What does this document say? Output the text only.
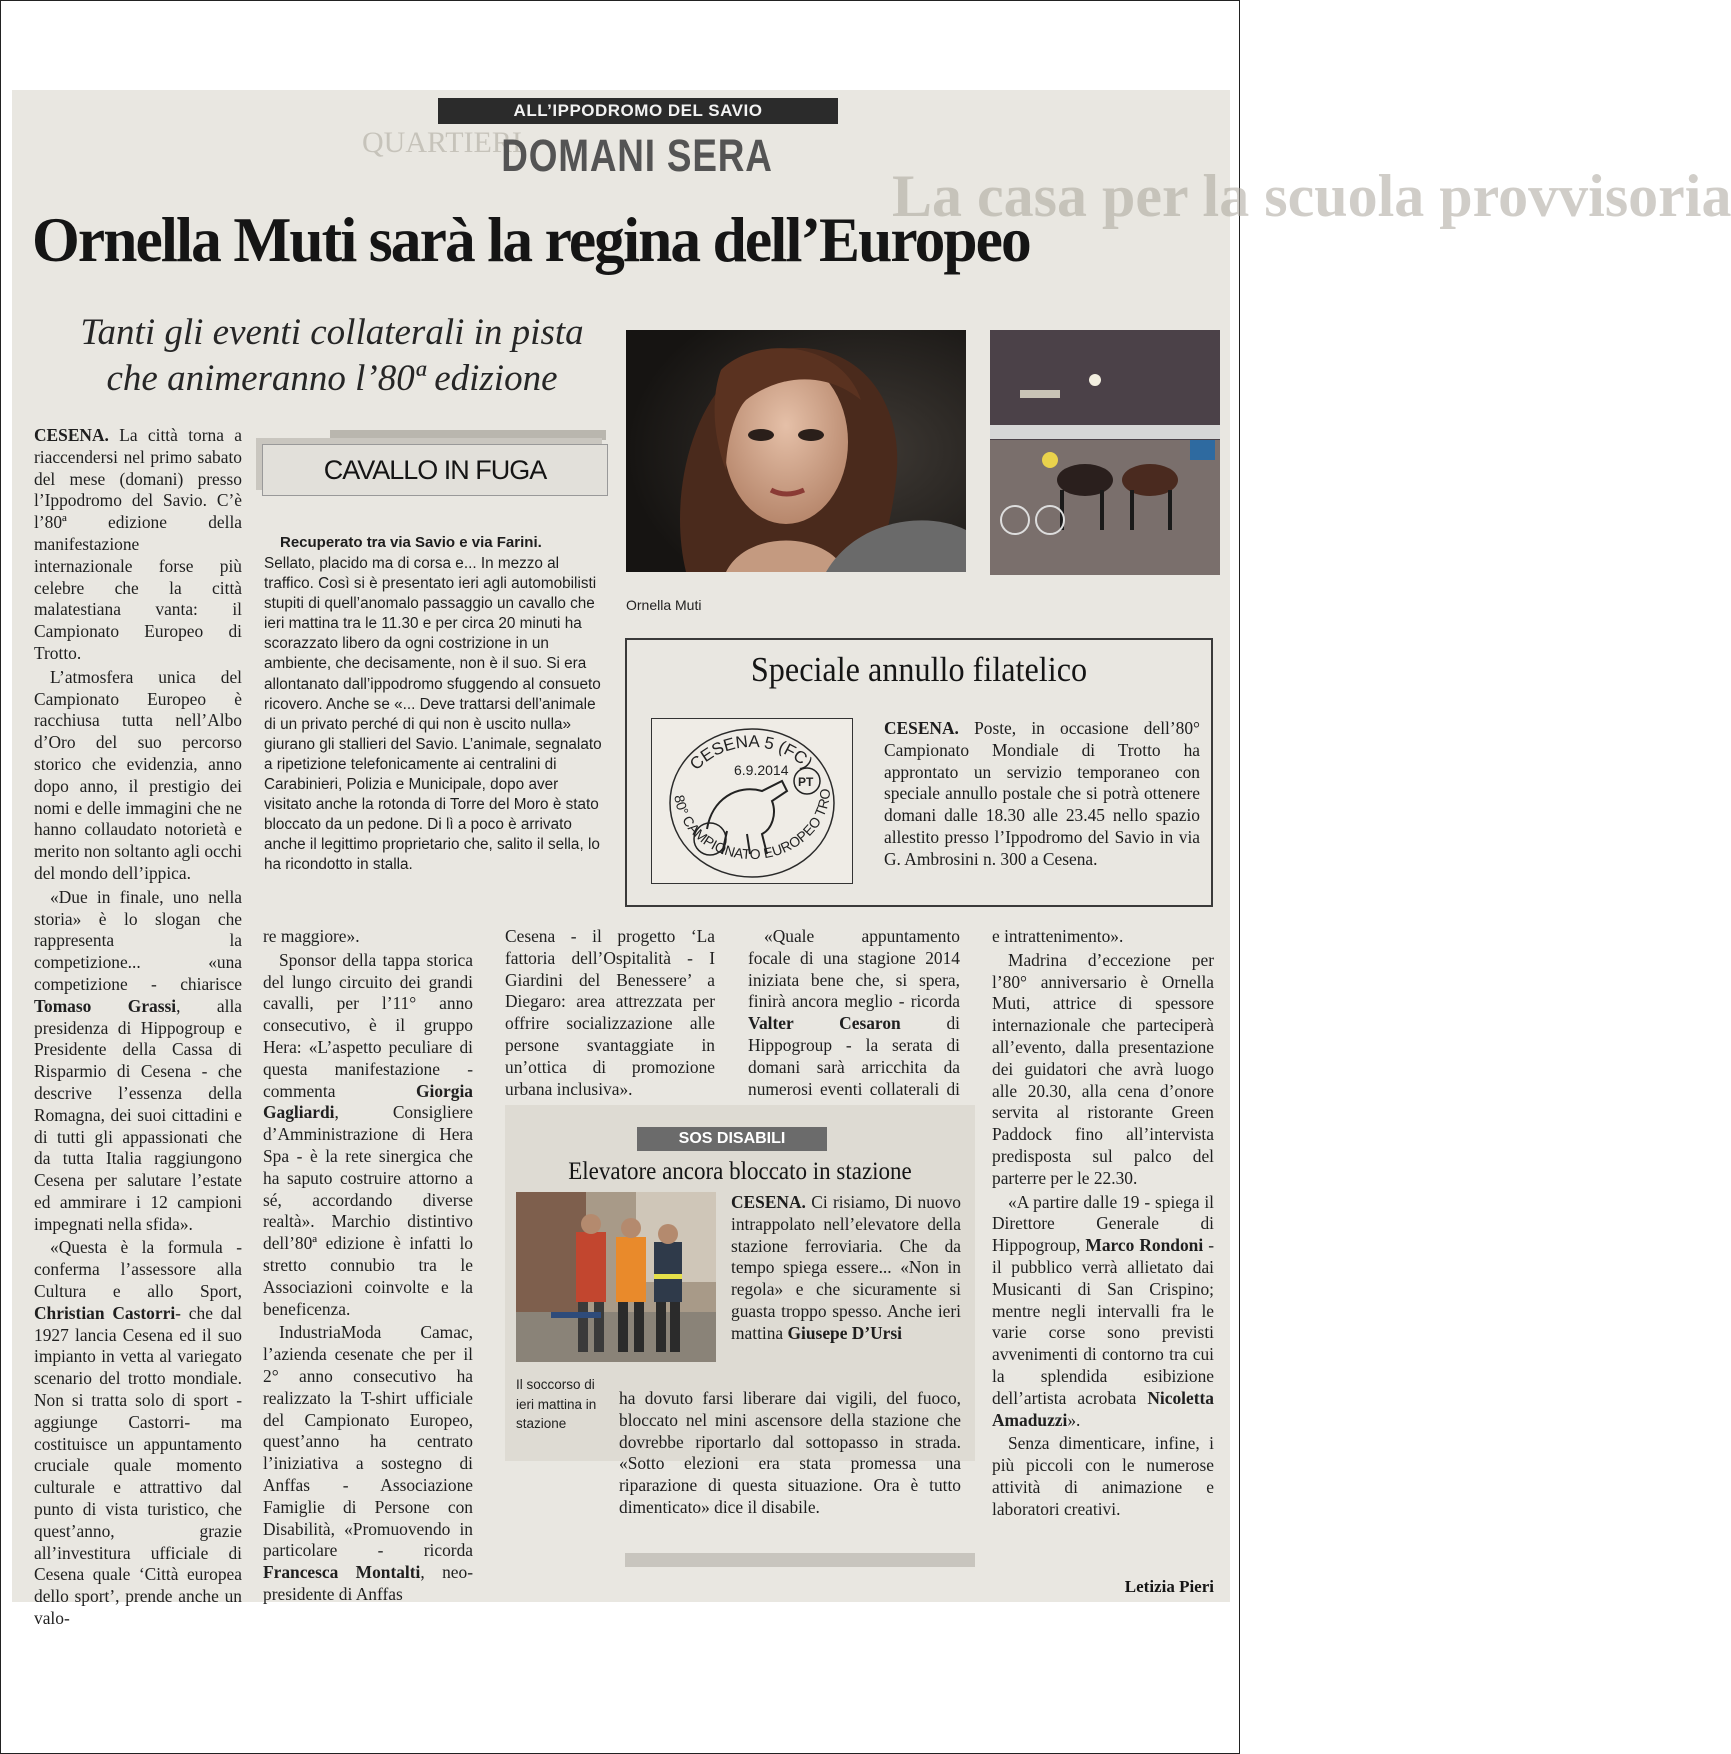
La casa per la scuola provvisoria
QUARTIERI
ALL’IPPODROMO DEL SAVIO
DOMANI SERA
Ornella Muti sarà la regina dell’Europeo
Tanti gli eventi collaterali in pista
che animeranno l’80ª edizione
Ornella Muti

CESENA. La città torna a riaccendersi nel primo sabato del mese (domani) presso l’Ippodromo del Savio. C’è l’80ª edizione della manifestazione internazionale forse più celebre che la città malatestiana vanta: il Campionato Europeo di Trotto.

L’atmosfera unica del Campionato Europeo è racchiusa tutta nell’Albo d’Oro del suo percorso storico che evidenzia, anno dopo anno, il prestigio dei nomi e delle immagini che ne hanno collaudato notorietà e merito non soltanto agli occhi del mondo dell’ippica.

«Due in finale, uno nella storia» è lo slogan che rappresenta la competizione... «una competizione - chiarisce Tomaso Grassi, alla presidenza di Hippogroup e Presidente della Cassa di Risparmio di Cesena - che descrive l’essenza della Romagna, dei suoi cittadini e di tutti gli appassionati che da tutta Italia raggiungono Cesena per salutare l’estate ed ammirare i 12 campioni impegnati nella sfida».

«Questa è la formula - conferma l’assessore alla Cultura e allo Sport, Christian Castorri- che dal 1927 lancia Cesena ed il suo impianto in vetta al variegato scenario del trotto mondiale. Non si tratta solo di sport - aggiunge Castorri- ma costituisce un appuntamento cruciale quale momento culturale e attrattivo dal punto di vista turistico, che quest’anno, grazie all’investitura ufficiale di Cesena quale ‘Città europea dello sport’, prende anche un valo-

CAVALLO IN FUGA
Recuperato tra via Savio e via Farini.
Sellato, placido ma di corsa e... In mezzo al traffico. Così si è presentato ieri agli automobilisti stupiti di quell’anomalo passaggio un cavallo che ieri mattina tra le 11.30 e per circa 20 minuti ha scorazzato libero da ogni costrizione in un ambiente, che decisamente, non è il suo. Si era allontanato dall’ippodromo sfuggendo al consueto ricovero. Anche se «... Deve trattarsi dell’animale di un privato perché di qui non è uscito nulla» giurano gli stallieri del Savio. L’animale, segnalato a ripetizione telefonicamente ai centralini di Carabinieri, Polizia e Municipale, dopo aver visitato anche la rotonda di Torre del Moro è stato bloccato da un pedone. Di lì a poco è arrivato anche il legittimo proprietario che, salito il sella, lo ha ricondotto in stalla.
Speciale annullo filatelico
CESENA 5 (FC)
6.9.2014
PT
80° CAMPIONATO EUROPEO TRO
CESENA. Poste, in occasione dell’80° Campionato Mondiale di Trotto ha approntato un servizio temporaneo con speciale annullo postale che si potrà ottenere domani dalle 18.30 alle 23.45 nello spazio allestito presso l’Ippodromo del Savio in via G. Ambrosini n. 300 a Cesena.

re maggiore».

Sponsor della tappa storica del lungo circuito dei grandi cavalli, per l’11° anno consecutivo, è il gruppo Hera: «L’aspetto peculiare di questa manifestazione - commenta Giorgia Gagliardi, Consigliere d’Amministrazione di Hera Spa - è la rete sinergica che ha saputo costruire attorno a sé, accordando diverse realtà». Marchio distintivo dell’80ª edizione è infatti lo stretto connubio tra le Associazioni coinvolte e la beneficenza.

IndustriaModa Camac, l’azienda cesenate che per il 2° anno consecutivo ha realizzato la T-shirt ufficiale del Campionato Europeo, quest’anno ha centrato l’iniziativa a sostegno di Anffas - Associazione Famiglie di Persone con Disabilità, «Promuovendo in particolare - ricorda Francesca Montalti, neo-presidente di Anffas

Cesena - il progetto ‘La fattoria dell’Ospitalità - I Giardini del Benessere’ a Diegaro: area attrezzata per offrire socializzazione alle persone svantaggiate in un’ottica di promozione urbana inclusiva».

«Quale appuntamento focale di una stagione 2014 iniziata bene che, si spera, finirà ancora meglio - ricorda Valter Cesaron	di Hippogroup - la serata di domani sarà arricchita da numerosi eventi collaterali di

SOS DISABILI
Elevatore ancora bloccato in stazione
Il soccorso di ieri mattina in stazione
CESENA. Ci risiamo, Di nuovo intrappolato nell’elevatore della stazione ferroviaria. Che da tempo spiega essere... «Non in regola» e che sicuramente si guasta troppo spesso. Anche ieri mattina Giusepe D’Ursi
ha dovuto farsi liberare dai vigili, del fuoco, bloccato nel mini ascensore della stazione che dovrebbe riportarlo dal sottopasso in strada. «Sotto elezioni era stata promessa una riparazione di questa situazione. Ora è tutto dimenticato» dice il disabile.

e intrattenimento».

Madrina d’eccezione per l’80° anniversario è Ornella Muti, attrice di spessore internazionale che parteciperà all’evento, dalla presentazione dei guidatori che avrà luogo alle 20.30, alla cena d’onore servita al ristorante Green Paddock fino all’intervista predisposta sul palco del parterre per le 22.30.

«A partire dalle 19 - spiega il Direttore Generale di Hippogroup, Marco Rondoni - il pubblico verrà allietato dai Musicanti di San Crispino; mentre negli intervalli fra le varie corse sono previsti avvenimenti di contorno tra cui la splendida esibizione dell’artista acrobata Nicoletta Amaduzzi».

Senza dimenticare, infine, i più piccoli con le numerose attività di animazione e laboratori creativi.

Letizia Pieri
